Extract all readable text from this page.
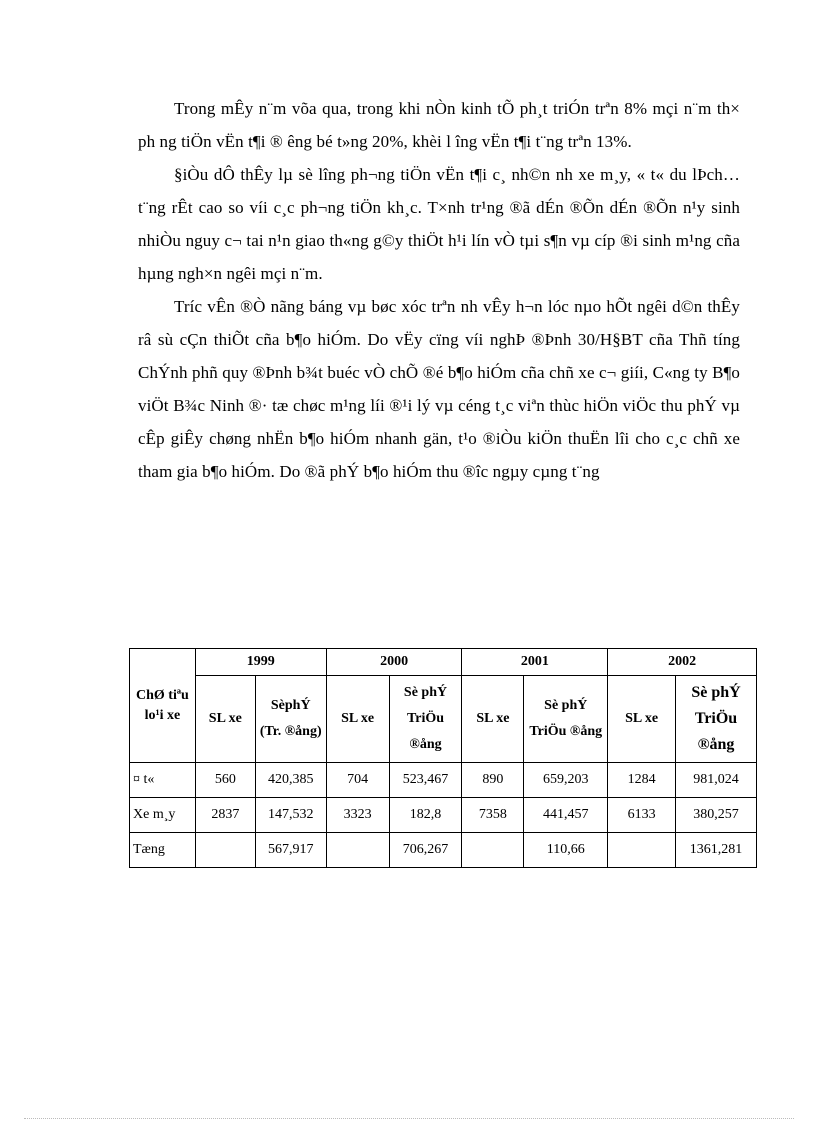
Trong mÊy n¨m võa qua, trong khi nÒn kinh tÕ ph¸t triÓn trªn 8% mçi n¨m th× ph ng tiÖn vËn t¶i ® êng bé t»ng 20%, khèi l îng vËn t¶i t¨ng trªn 13%.

§iÒu dÔ thÊy lµ sè lîng ph¬ng tiÖn vËn t¶i c¸ nh©n nh xe m¸y, « t« du lÞch… t¨ng rÊt cao so víi c¸c ph¬ng tiÖn kh¸c. T×nh tr¹ng ®ã dÉn ®Õn dÉn ®Õn n¹y sinh nhiÒu nguy c¬ tai n¹n giao th«ng g©y thiÖt h¹i lín vÒ tµi s¶n vµ cíp ®i sinh m¹ng cña hµng ngh×n ngêi mçi n¨m.

Tríc vÊn ®Ò nãng báng vµ bøc xóc trªn nh vÊy h¬n lóc nµo hÕt ngêi d©n thÊy râ sù cÇn thiÕt cña b¶o hiÓm. Do vËy cïng víi nghÞ ®Þnh 30/H§BT cña Thñ tíng ChÝnh phñ quy ®Þnh b¾t buéc vÒ chÕ ®é b¶o hiÓm cña chñ xe c¬ giíi, C«ng ty B¶o viÖt B¾c Ninh ®· tæ chøc m¹ng líi ®¹i lý vµ céng t¸c viªn thùc hiÖn viÖc thu phÝ vµ cÊp giÊy chøng nhËn b¶o hiÓm nhanh gän, t¹o ®iÒu kiÖn thuËn lîi cho c¸c chñ xe tham gia b¶o hiÓm. Do ®ã phÝ b¶o hiÓm thu ®îc ngµy cµng t¨ng

ChØ tiªu lo¹i xe	1999		2000		2001		2002	
	SL xe	SèphÝ (Tr. ®ång)	SL xe	Sè phÝ TriÖu ®ång	SL xe	Sè phÝ TriÖu ®ång	SL xe	Sè phÝ TriÖu ®ång
¤ t«	560	420,385	704	523,467	890	659,203	1284	981,024
Xe m¸y	2837	147,532	3323	182,8	7358	441,457	6133	380,257
Tæng		567,917		706,267		110,66		1361,281
